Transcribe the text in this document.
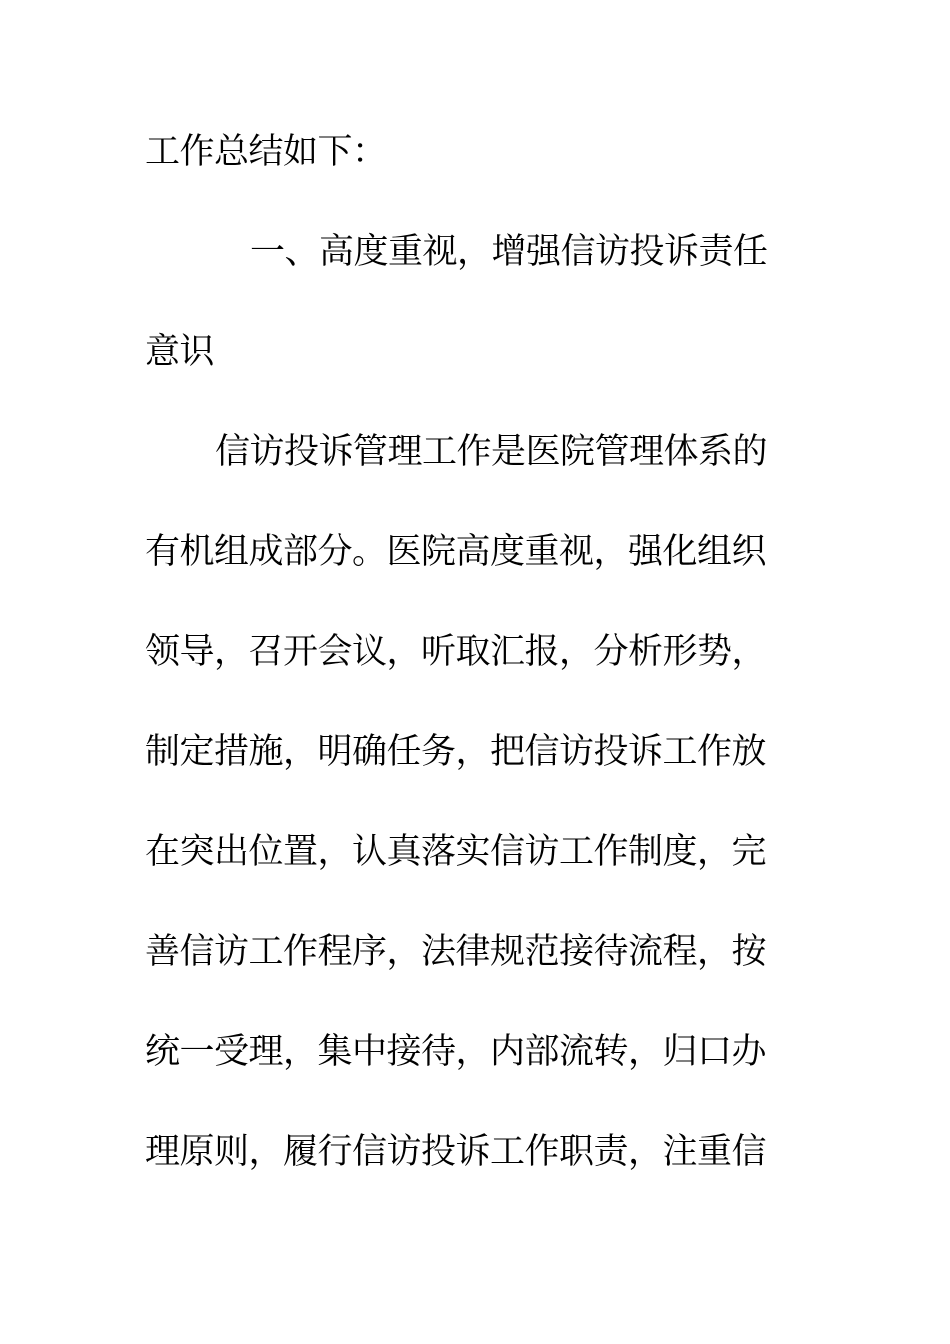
工作总结如下：
一、高度重视，增强信访投诉责任
意识
信访投诉管理工作是医院管理体系的
有机组成部分。医院高度重视，强化组织
领导，召开会议，听取汇报，分析形势，
制定措施，明确任务，把信访投诉工作放
在突出位置，认真落实信访工作制度，完
善信访工作程序，法律规范接待流程，按
统一受理，集中接待，内部流转，归口办
理原则，履行信访投诉工作职责，注重信
